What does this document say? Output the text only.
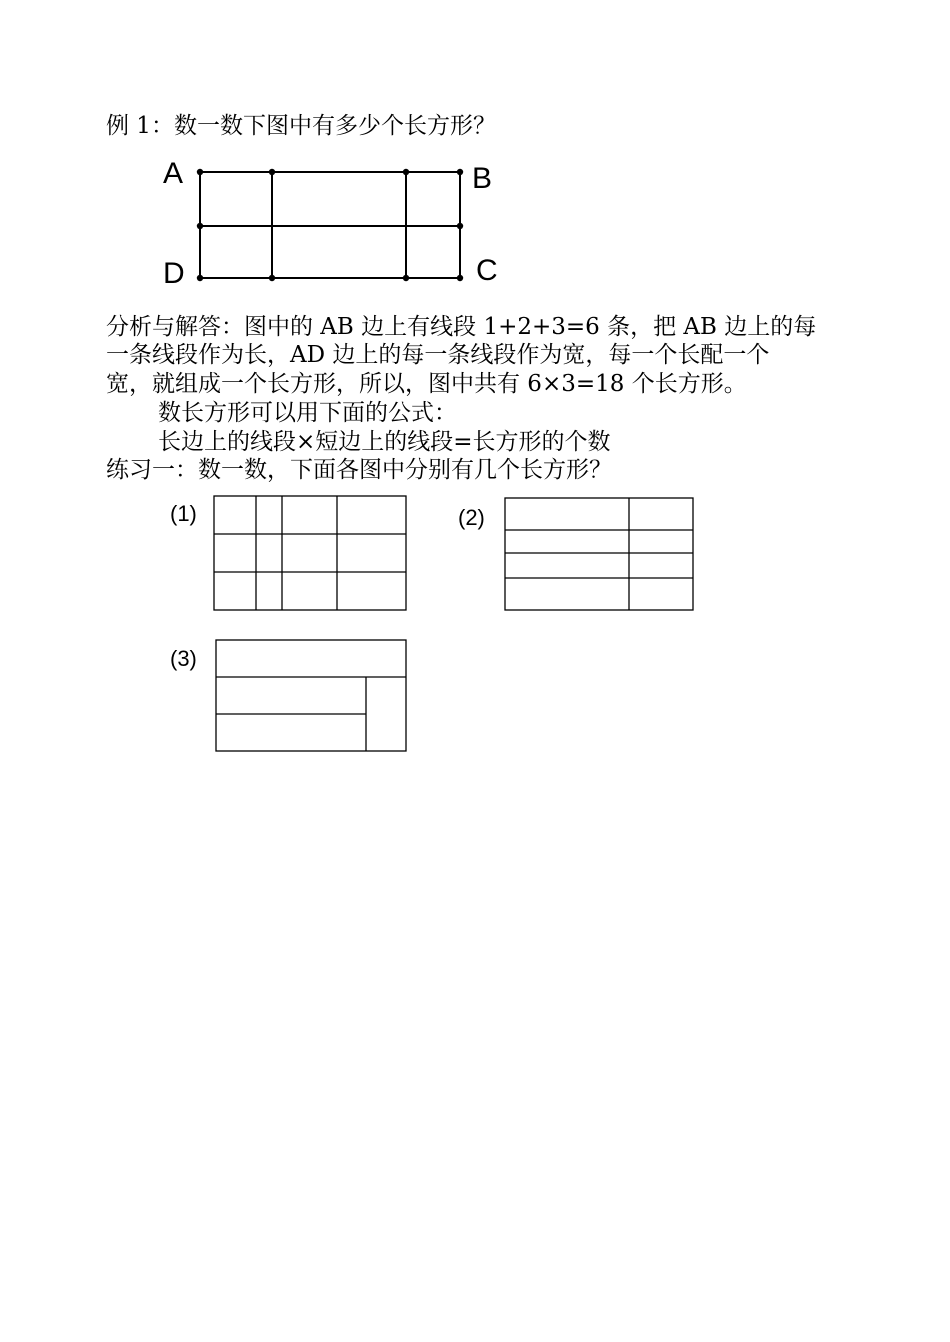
例 1：数一数下图中有多少个长方形？

A	B
C
D

分析与解答：图中的 AB 边上有线段 1+2+3=6 条，把 AB 边上的每

一条线段作为长，AD 边上的每一条线段作为宽，每一个长配一个

宽，就组成一个长方形，所以，图中共有 6×3=18 个长方形。

数长方形可以用下面的公式：

长边上的线段×短边上的线段=长方形的个数

练习一：数一数，下面各图中分别有几个长方形？

(1)	(2)
(3)
